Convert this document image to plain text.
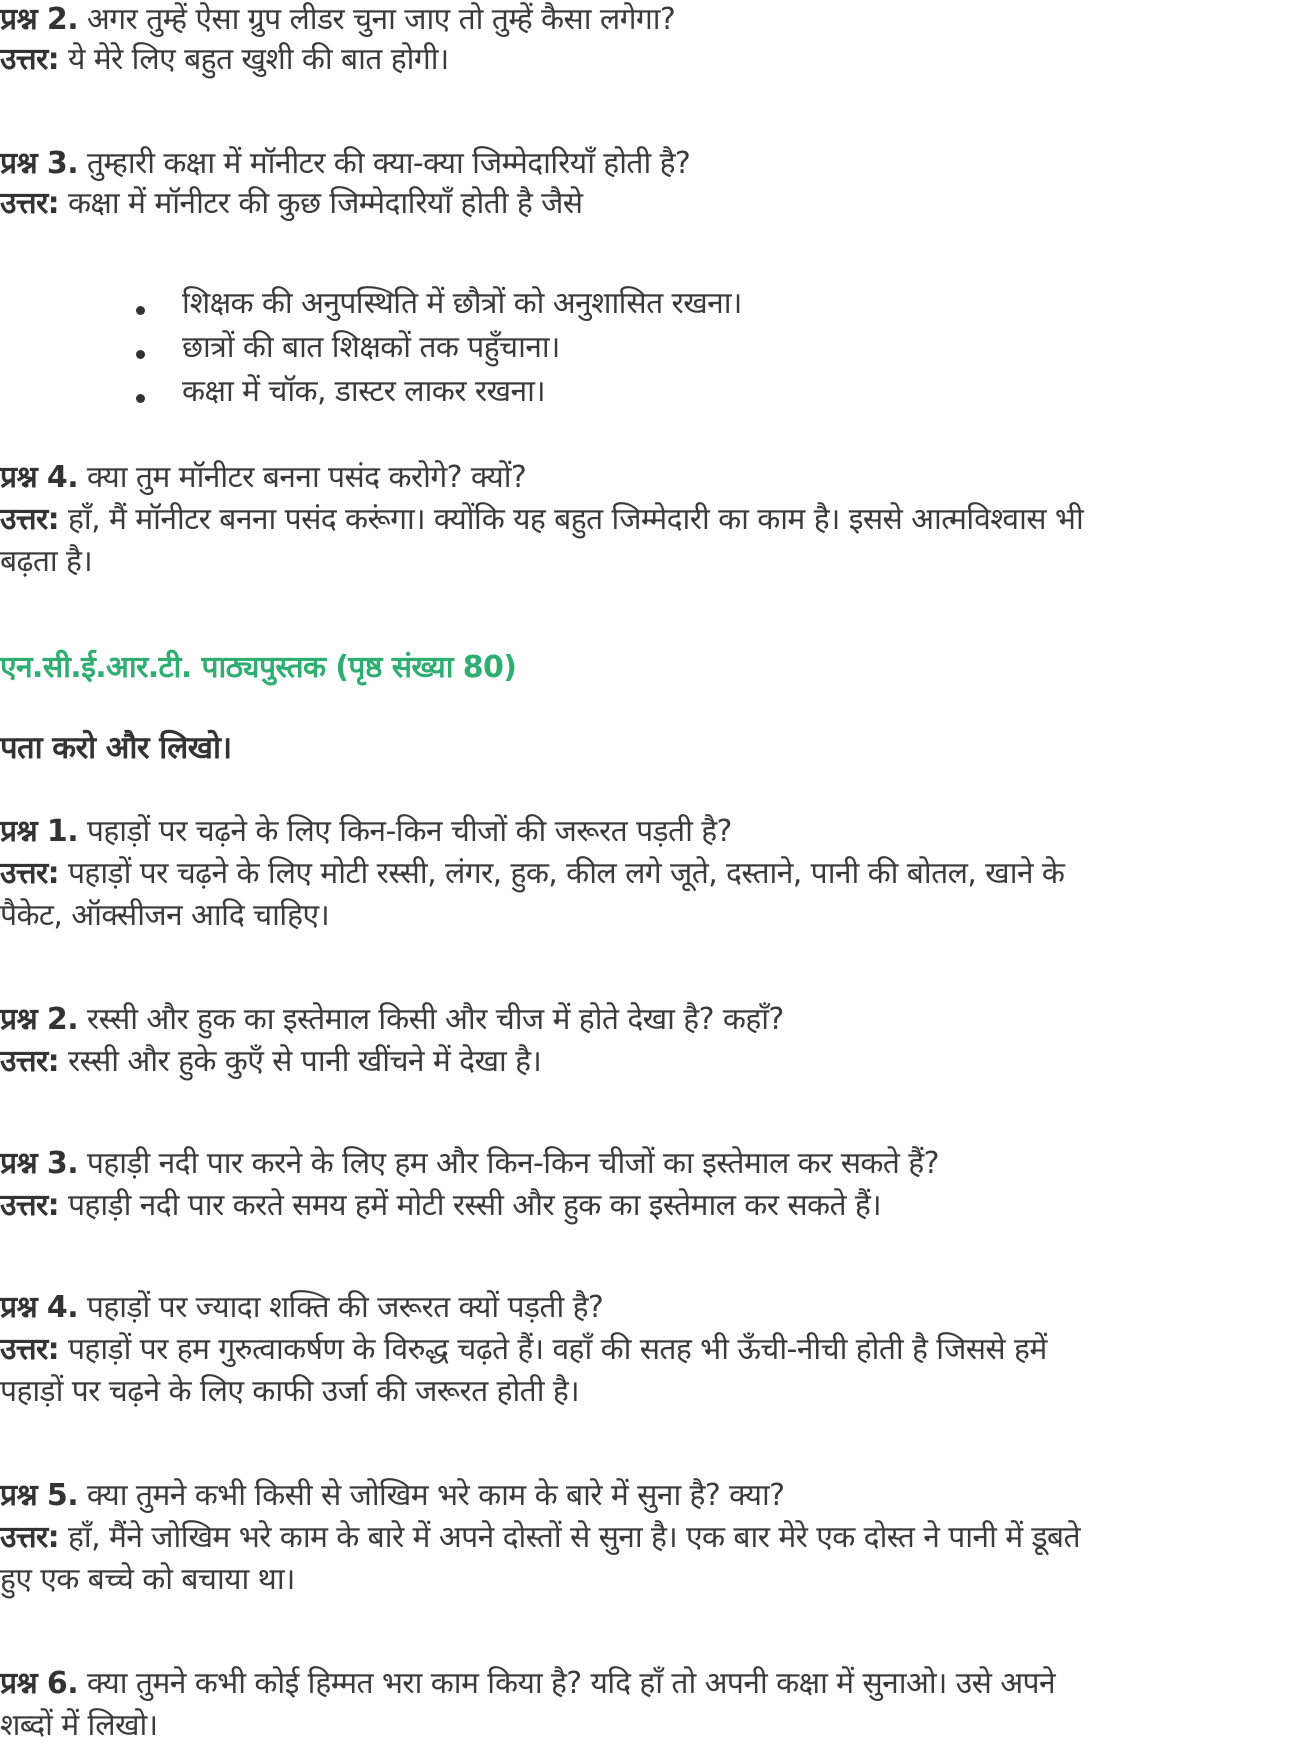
प्रश्न 2. अगर तुम्हें ऐसा ग्रुप लीडर चुना जाए तो तुम्हें कैसा लगेगा?
उत्तर: ये मेरे लिए बहुत खुशी की बात होगी।
प्रश्न 3. तुम्हारी कक्षा में मॉनीटर की क्या-क्या जिम्मेदारियाँ होती है?
उत्तर: कक्षा में मॉनीटर की कुछ जिम्मेदारियाँ होती है जैसे
शिक्षक की अनुपस्थिति में छौत्रों को अनुशासित रखना।
छात्रों की बात शिक्षकों तक पहुँचाना।
कक्षा में चॉक, डास्टर लाकर रखना।
प्रश्न 4. क्या तुम मॉनीटर बनना पसंद करोगे? क्यों?
उत्तर: हाँ, मैं मॉनीटर बनना पसंद करूंगा। क्योंकि यह बहुत जिम्मेदारी का काम है। इससे आत्मविश्वास भी
बढ़ता है।
एन.सी.ई.आर.टी. पाठ्यपुस्तक (पृष्ठ संख्या 80)
पता करो और लिखो।
प्रश्न 1. पहाड़ों पर चढ़ने के लिए किन-किन चीजों की जरूरत पड़ती है?
उत्तर: पहाड़ों पर चढ़ने के लिए मोटी रस्सी, लंगर, हुक, कील लगे जूते, दस्ताने, पानी की बोतल, खाने के
पैकेट, ऑक्सीजन आदि चाहिए।
प्रश्न 2. रस्सी और हुक का इस्तेमाल किसी और चीज में होते देखा है? कहाँ?
उत्तर: रस्सी और हुके कुएँ से पानी खींचने में देखा है।
प्रश्न 3. पहाड़ी नदी पार करने के लिए हम और किन-किन चीजों का इस्तेमाल कर सकते हैं?
उत्तर: पहाड़ी नदी पार करते समय हमें मोटी रस्सी और हुक का इस्तेमाल कर सकते हैं।
प्रश्न 4. पहाड़ों पर ज्यादा शक्ति की जरूरत क्यों पड़ती है?
उत्तर: पहाड़ों पर हम गुरुत्वाकर्षण के विरुद्ध चढ़ते हैं। वहाँ की सतह भी ऊँची-नीची होती है जिससे हमें
पहाड़ों पर चढ़ने के लिए काफी उर्जा की जरूरत होती है।
प्रश्न 5. क्या तुमने कभी किसी से जोखिम भरे काम के बारे में सुना है? क्या?
उत्तर: हाँ, मैंने जोखिम भरे काम के बारे में अपने दोस्तों से सुना है। एक बार मेरे एक दोस्त ने पानी में डूबते
हुए एक बच्चे को बचाया था।
प्रश्न 6. क्या तुमने कभी कोई हिम्मत भरा काम किया है? यदि हाँ तो अपनी कक्षा में सुनाओ। उसे अपने
शब्दों में लिखो।
